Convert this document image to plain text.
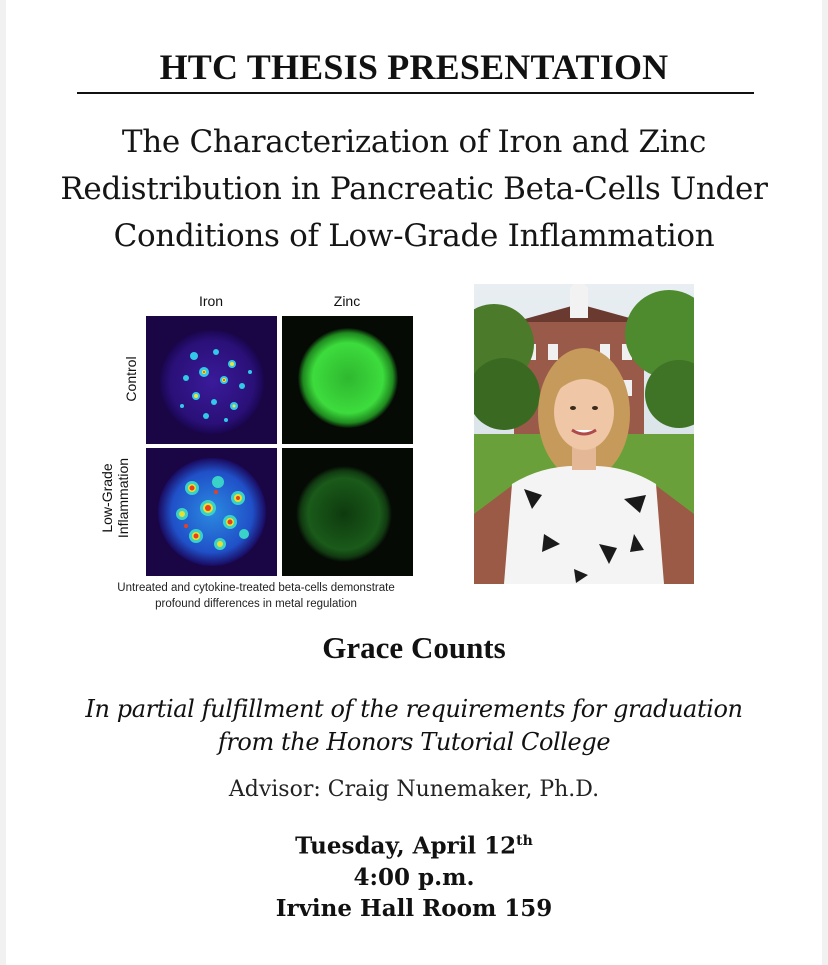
HTC THESIS PRESENTATION
The Characterization of Iron and Zinc
Redistribution in Pancreatic Beta-Cells Under
Conditions of Low-Grade Inflammation
Iron	Zinc
Control
Low-Grade Inflammation
Untreated and cytokine-treated beta-cells demonstrate
profound differences in metal regulation
Grace Counts
In partial fulfillment of the requirements for graduation
from the Honors Tutorial College
Advisor: Craig Nunemaker, Ph.D.
Tuesday, April 12th
4:00 p.m.
Irvine Hall Room 159
